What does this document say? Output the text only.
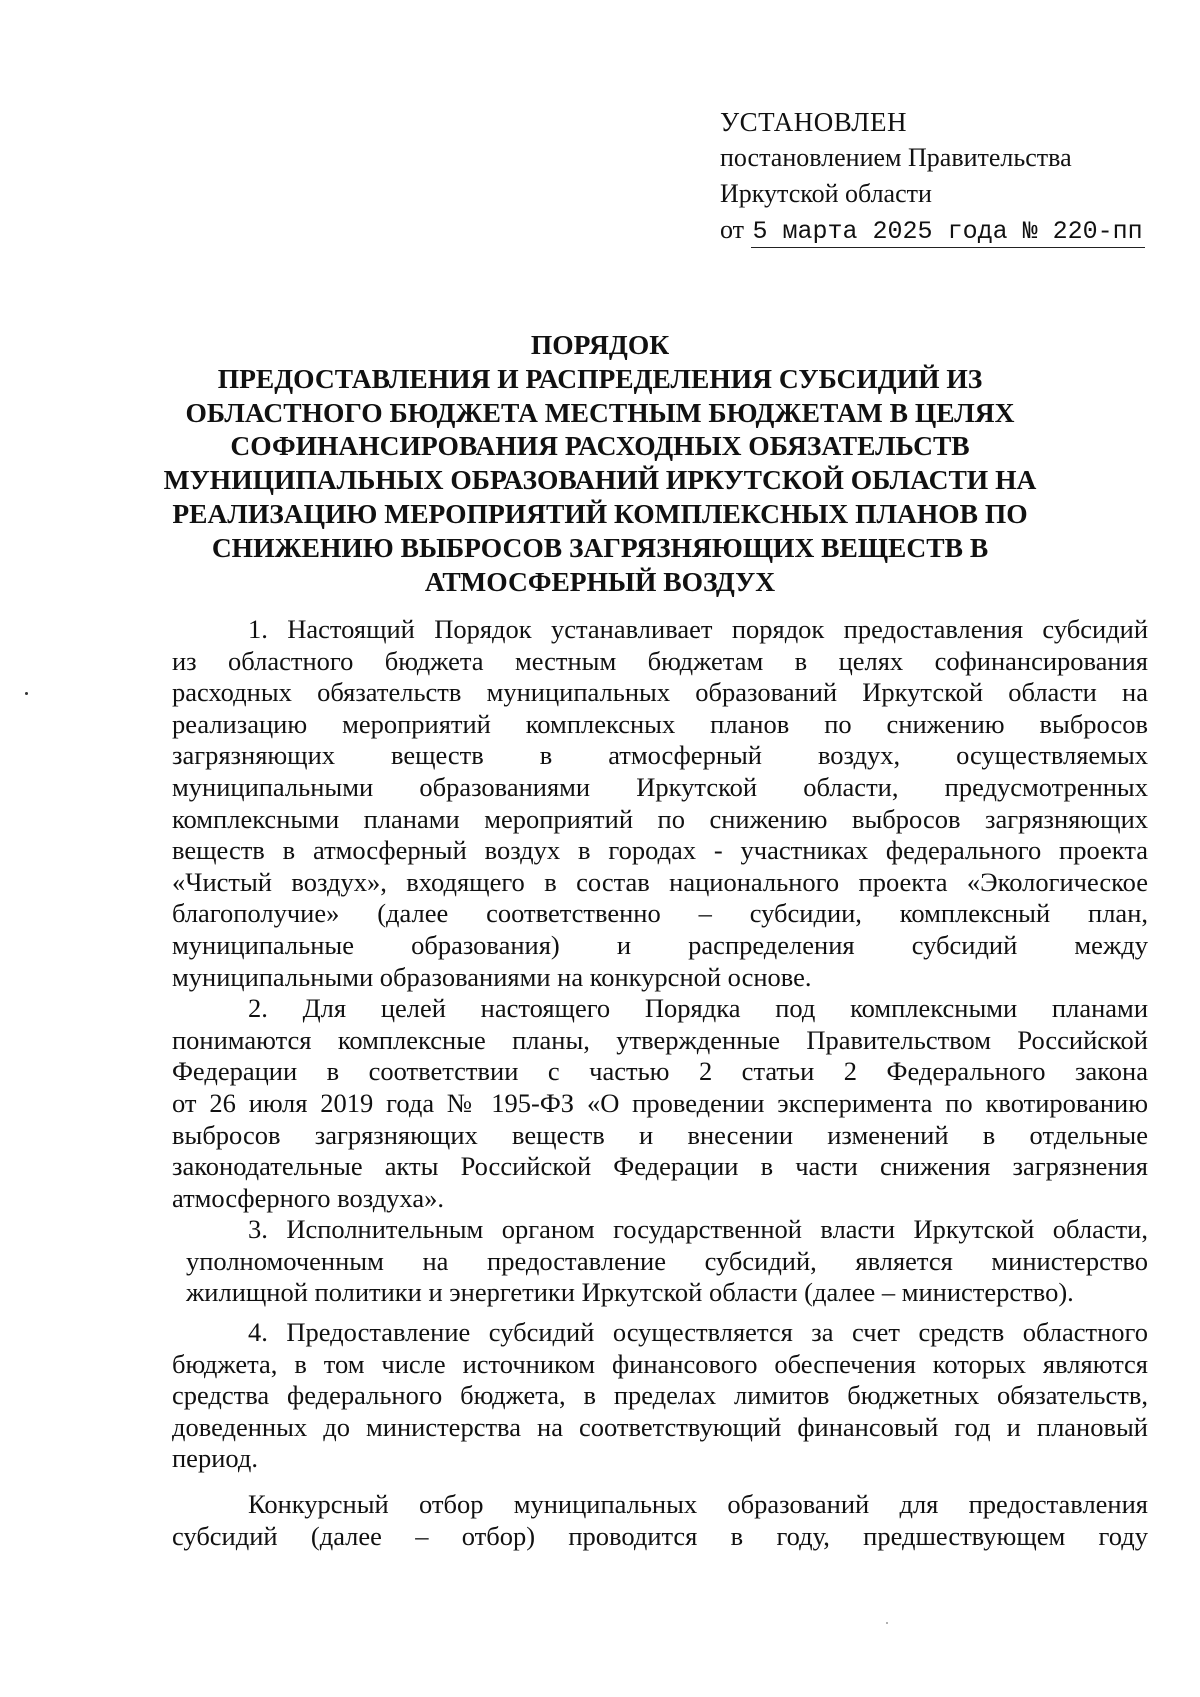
УСТАНОВЛЕН
постановлением Правительства
Иркутской области
от 5 марта 2025 года № 220-пп
ПОРЯДОК
ПРЕДОСТАВЛЕНИЯ И РАСПРЕДЕЛЕНИЯ СУБСИДИЙ ИЗ
ОБЛАСТНОГО БЮДЖЕТА МЕСТНЫМ БЮДЖЕТАМ В ЦЕЛЯХ
СОФИНАНСИРОВАНИЯ РАСХОДНЫХ ОБЯЗАТЕЛЬСТВ
МУНИЦИПАЛЬНЫХ ОБРАЗОВАНИЙ ИРКУТСКОЙ ОБЛАСТИ НА
РЕАЛИЗАЦИЮ МЕРОПРИЯТИЙ КОМПЛЕКСНЫХ ПЛАНОВ ПО
СНИЖЕНИЮ ВЫБРОСОВ ЗАГРЯЗНЯЮЩИХ ВЕЩЕСТВ В
АТМОСФЕРНЫЙ ВОЗДУХ
1. Настоящий Порядок устанавливает порядок предоставления субсидий
из областного бюджета местным бюджетам в целях софинансирования
расходных обязательств муниципальных образований Иркутской области на
реализацию мероприятий комплексных планов по снижению выбросов
загрязняющих веществ в атмосферный воздух, осуществляемых
муниципальными образованиями Иркутской области, предусмотренных
комплексными планами мероприятий по снижению выбросов загрязняющих
веществ в атмосферный воздух в городах - участниках федерального проекта
«Чистый воздух», входящего в состав национального проекта «Экологическое
благополучие» (далее соответственно – субсидии, комплексный план,
муниципальные образования) и распределения субсидий между
муниципальными образованиями на конкурсной основе.
2. Для целей настоящего Порядка под комплексными планами
понимаются комплексные планы, утвержденные Правительством Российской
Федерации в соответствии с частью 2 статьи 2 Федерального закона
от 26 июля 2019 года № 195-ФЗ «О проведении эксперимента по квотированию
выбросов загрязняющих веществ и внесении изменений в отдельные
законодательные акты Российской Федерации в части снижения загрязнения
атмосферного воздуха».
3. Исполнительным органом государственной власти Иркутской области,
уполномоченным на предоставление субсидий, является министерство
жилищной политики и энергетики Иркутской области (далее – министерство).
4. Предоставление субсидий осуществляется за счет средств областного
бюджета, в том числе источником финансового обеспечения которых являются
средства федерального бюджета, в пределах лимитов бюджетных обязательств,
доведенных до министерства на соответствующий финансовый год и плановый
период.
Конкурсный отбор муниципальных образований для предоставления
субсидий (далее – отбор) проводится в году, предшествующем году
